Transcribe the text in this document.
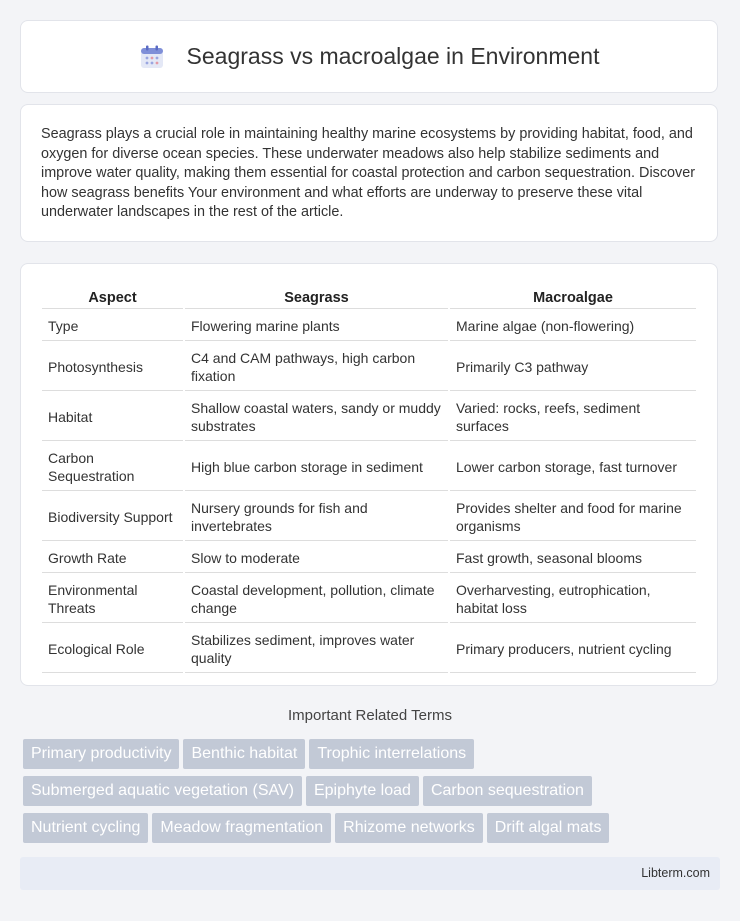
Seagrass vs macroalgae in Environment

Seagrass plays a crucial role in maintaining healthy marine ecosystems by providing habitat, food, and oxygen for diverse ocean species. These underwater meadows also help stabilize sediments and improve water quality, making them essential for coastal protection and carbon sequestration. Discover how seagrass benefits Your environment and what efforts are underway to preserve these vital underwater landscapes in the rest of the article.

Aspect	Seagrass	Macroalgae
Type	Flowering marine plants	Marine algae (non-flowering)
Photosynthesis	C4 and CAM pathways, high carbon fixation	Primarily C3 pathway
Habitat	Shallow coastal waters, sandy or muddy substrates	Varied: rocks, reefs, sediment surfaces
Carbon Sequestration	High blue carbon storage in sediment	Lower carbon storage, fast turnover
Biodiversity Support	Nursery grounds for fish and invertebrates	Provides shelter and food for marine organisms
Growth Rate	Slow to moderate	Fast growth, seasonal blooms
Environmental Threats	Coastal development, pollution, climate change	Overharvesting, eutrophication, habitat loss
Ecological Role	Stabilizes sediment, improves water quality	Primary producers, nutrient cycling
Important Related Terms
Primary productivity Benthic habitat Trophic interrelations
Submerged aquatic vegetation (SAV) Epiphyte load Carbon sequestration
Nutrient cycling Meadow fragmentation Rhizome networks Drift algal mats
Libterm.com
